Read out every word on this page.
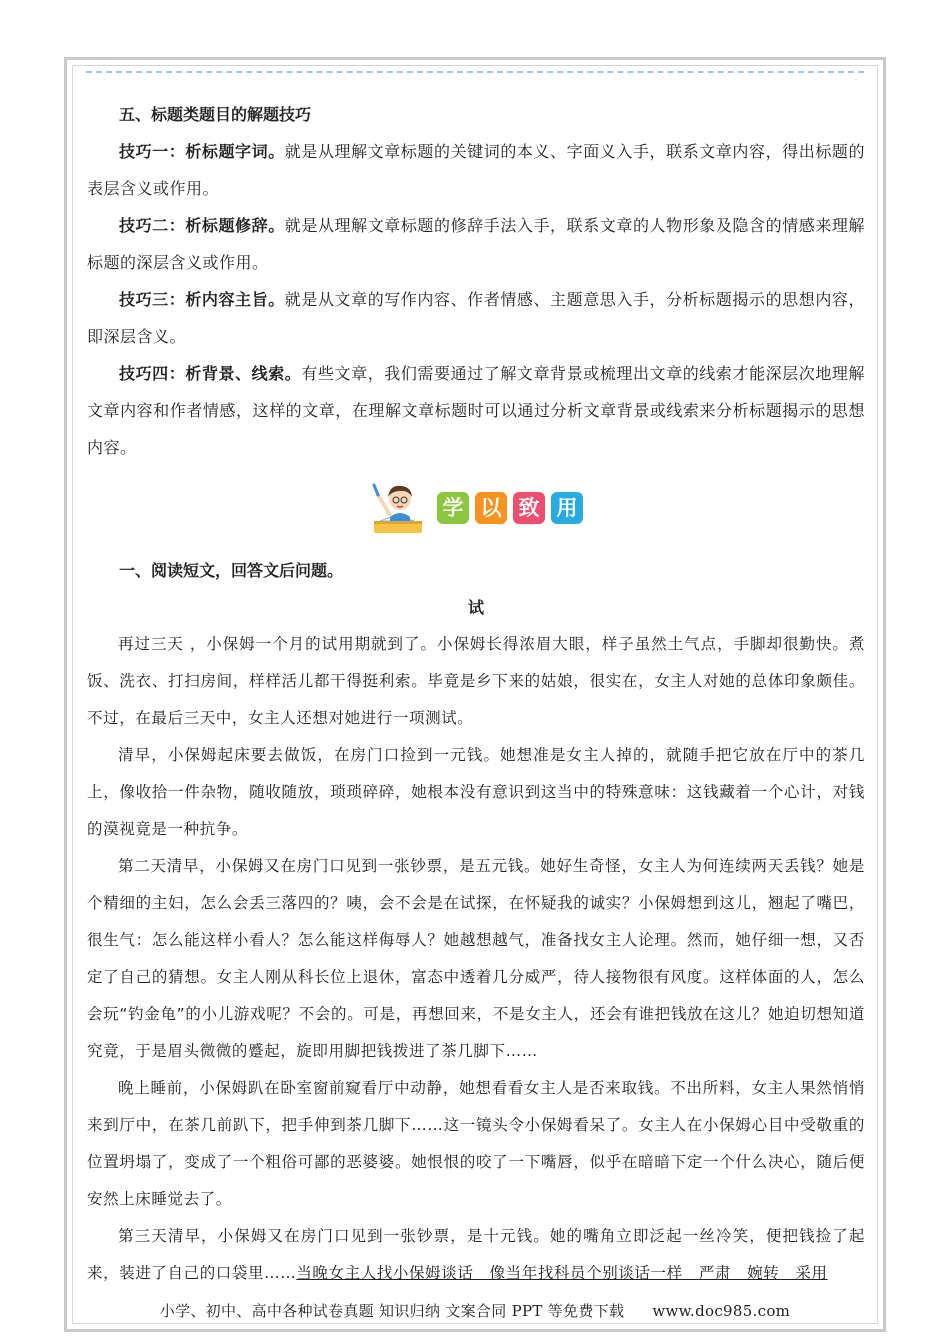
五、标题类题目的解题技巧

技巧一：析标题字词。就是从理解文章标题的关键词的本义、字面义入手，联系文章内容，得出标题的表层含义或作用。

技巧二：析标题修辞。就是从理解文章标题的修辞手法入手，联系文章的人物形象及隐含的情感来理解标题的深层含义或作用。

技巧三：析内容主旨。就是从文章的写作内容、作者情感、主题意思入手，分析标题揭示的思想内容，即深层含义。

技巧四：析背景、线索。有些文章，我们需要通过了解文章背景或梳理出文章的线索才能深层次地理解文章内容和作者情感，这样的文章，在理解文章标题时可以通过分析文章背景或线索来分析标题揭示的思想内容。

学 以 致 用

一、阅读短文，回答文后问题。

试

再过三天 ，小保姆一个月的试用期就到了。小保姆长得浓眉大眼，样子虽然土气点，手脚却很勤快。煮饭、洗衣、打扫房间，样样活儿都干得挺利索。毕竟是乡下来的姑娘，很实在，女主人对她的总体印象颇佳。不过，在最后三天中，女主人还想对她进行一项测试。

清早，小保姆起床要去做饭，在房门口捡到一元钱。她想准是女主人掉的，就随手把它放在厅中的茶几上，像收拾一件杂物，随收随放，琐琐碎碎，她根本没有意识到这当中的特殊意味：这钱藏着一个心计，对钱的漠视竟是一种抗争。

第二天清早，小保姆又在房门口见到一张钞票，是五元钱。她好生奇怪，女主人为何连续两天丢钱？她是个精细的主妇，怎么会丢三落四的？咦，会不会是在试探，在怀疑我的诚实？小保姆想到这儿，翘起了嘴巴，很生气：怎么能这样小看人？怎么能这样侮辱人？她越想越气，准备找女主人论理。然而，她仔细一想，又否定了自己的猜想。女主人刚从科长位上退休，富态中透着几分威严，待人接物很有风度。这样体面的人，怎么会玩“钓金龟”的小儿游戏呢？不会的。可是，再想回来，不是女主人，还会有谁把钱放在这儿？她迫切想知道究竟，于是眉头微微的蹙起，旋即用脚把钱拨进了茶几脚下……

晚上睡前，小保姆趴在卧室窗前窥看厅中动静，她想看看女主人是否来取钱。不出所料，女主人果然悄悄来到厅中，在茶几前趴下，把手伸到茶几脚下……这一镜头令小保姆看呆了。女主人在小保姆心目中受敬重的位置坍塌了，变成了一个粗俗可鄙的恶婆婆。她恨恨的咬了一下嘴唇，似乎在暗暗下定一个什么决心，随后便安然上床睡觉去了。

第三天清早，小保姆又在房门口见到一张钞票，是十元钱。她的嘴角立即泛起一丝冷笑，便把钱捡了起来，装进了自己的口袋里……当晚女主人找小保姆谈话　像当年找科员个别谈话一样　严肃　婉转　采用

小学、初中、高中各种试卷真题 知识归纳 文案合同 PPT 等免费下载 www.doc985.com
